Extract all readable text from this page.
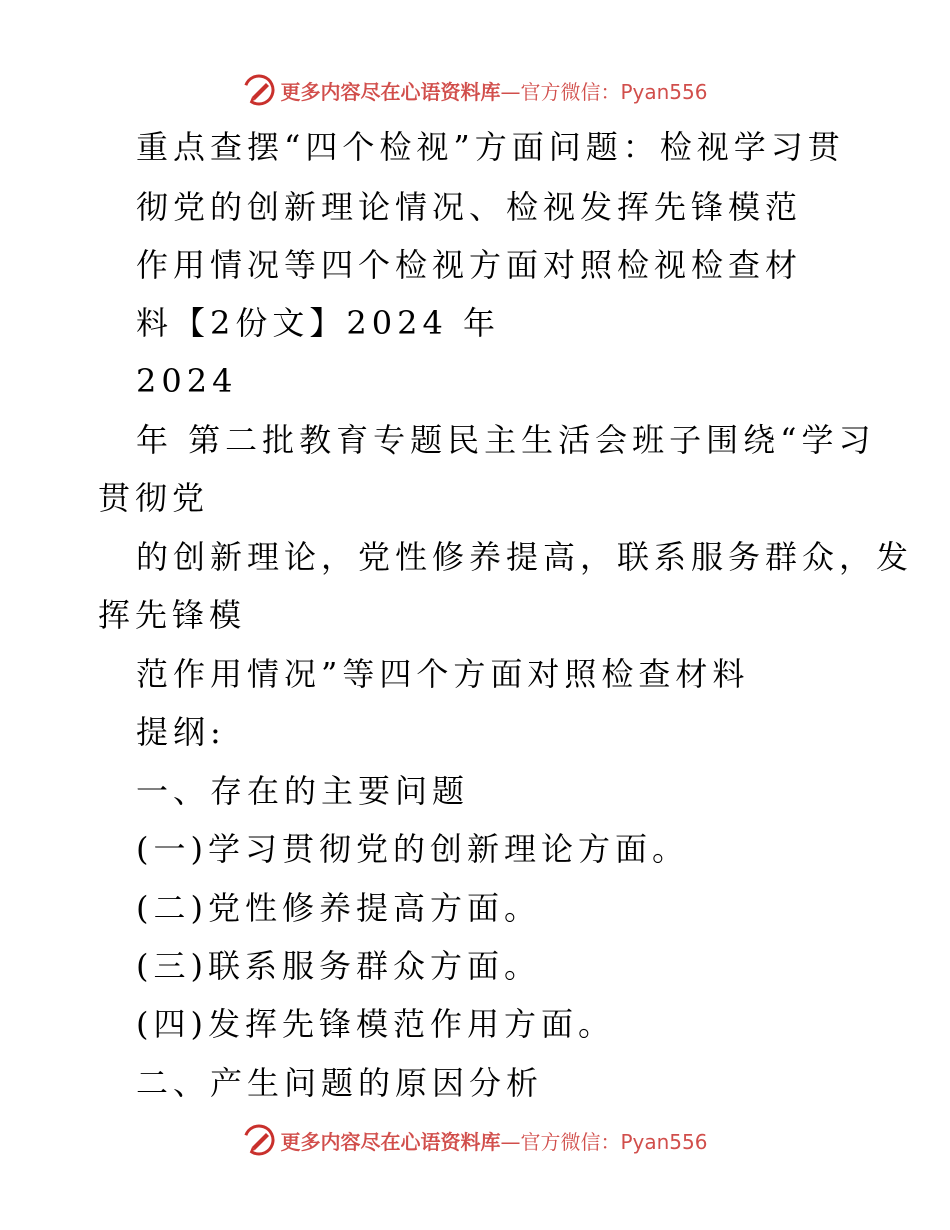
更多内容尽在心语资料库—官方微信：Pyan556
重点查摆“四个检视”方面问题：检视学习贯
彻党的创新理论情况、检视发挥先锋模范
作用情况等四个检视方面对照检视检查材
料【2份文】2024 年
2024
年 第二批教育专题民主生活会班子围绕“学习
贯彻党
的创新理论，党性修养提高，联系服务群众，发
挥先锋模
范作用情况”等四个方面对照检查材料
提纲:
一、存在的主要问题
(一)学习贯彻党的创新理论方面。
(二)党性修养提高方面。
(三)联系服务群众方面。
(四)发挥先锋模范作用方面。
二、产生问题的原因分析
更多内容尽在心语资料库—官方微信：Pyan556
